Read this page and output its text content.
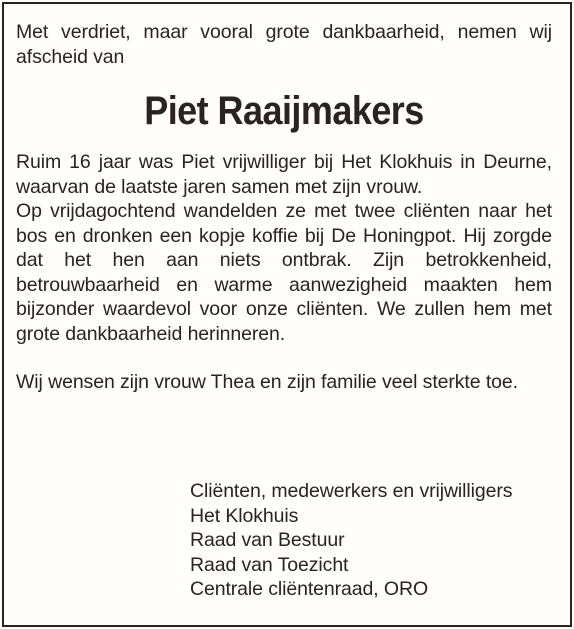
Met verdriet, maar vooral grote dankbaarheid, nemen wij afscheid van

Piet Raaijmakers
Ruim 16 jaar was Piet vrijwilliger bij Het Klokhuis in Deurne, waarvan de laatste jaren samen met zijn vrouw.
Op vrijdagochtend wandelden ze met twee cliënten naar het bos en dronken een kopje koffie bij De Honingpot. Hij zorgde dat het hen aan niets ontbrak. Zijn betrokkenheid, betrouwbaarheid en warme aanwezigheid maakten hem bijzonder waardevol voor onze cliënten. We zullen hem met grote dankbaarheid herinneren.

Wij wensen zijn vrouw Thea en zijn familie veel sterkte toe.

Cliënten, medewerkers en vrijwilligers
Het Klokhuis
Raad van Bestuur
Raad van Toezicht
Centrale cliëntenraad, ORO
